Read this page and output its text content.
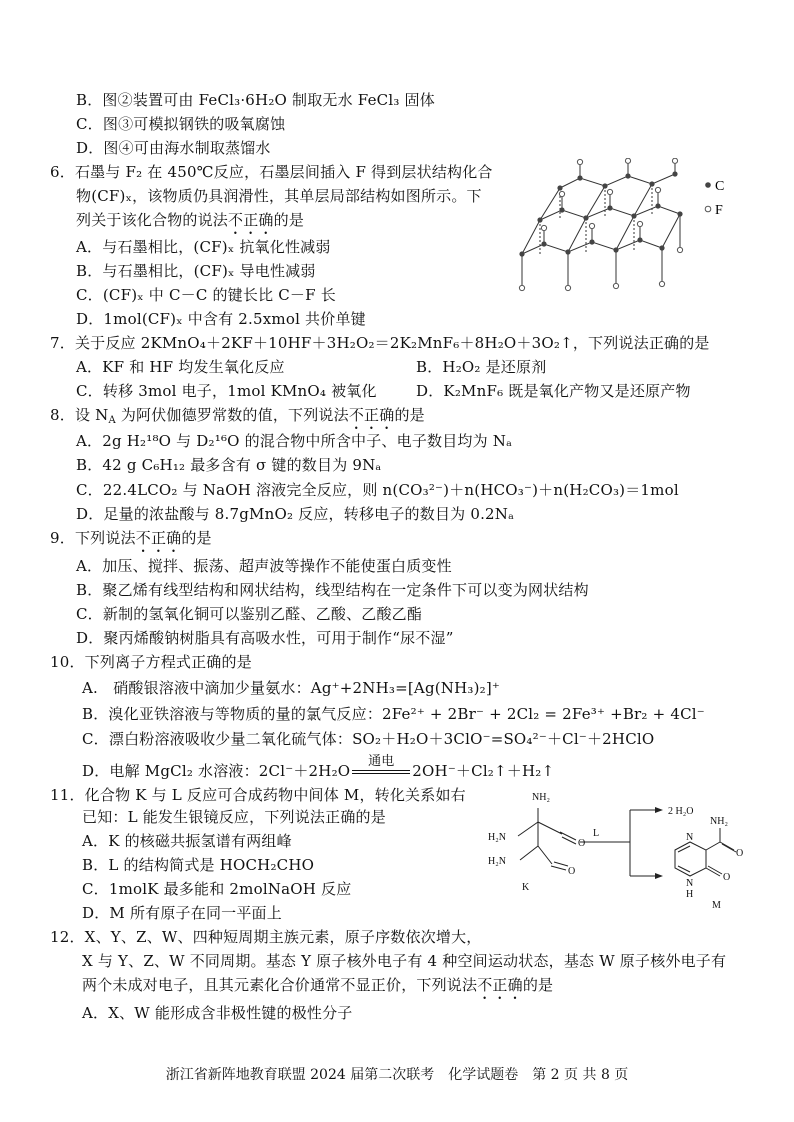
B．图②装置可由 FeCl₃·6H₂O 制取无水 FeCl₃ 固体
C．图③可模拟钢铁的吸氧腐蚀
D．图④可由海水制取蒸馏水
6．石墨与 F₂ 在 450℃反应，石墨层间插入 F 得到层状结构化合
物(CF)ₓ，该物质仍具润滑性，其单层局部结构如图所示。下
列关于该化合物的说法不正确的是
A．与石墨相比，(CF)ₓ 抗氧化性减弱
B．与石墨相比，(CF)ₓ 导电性减弱
C．(CF)ₓ 中 C－C 的键长比 C－F 长
D．1mol(CF)ₓ 中含有 2.5xmol 共价单键
C
F
7．关于反应 2KMnO₄＋2KF＋10HF＋3H₂O₂＝2K₂MnF₆＋8H₂O＋3O₂↑，下列说法正确的是
A．KF 和 HF 均发生氧化反应	B．H₂O₂ 是还原剂
C．转移 3mol 电子，1mol KMnO₄ 被氧化	D．K₂MnF₆ 既是氧化产物又是还原产物
8．设 $N_A$ 为阿伏伽德罗常数的值，下列说法不正确的是
A．2g H₂¹⁸O 与 D₂¹⁶O 的混合物中所含中子、电子数目均为 Nₐ
B．42 g C₆H₁₂ 最多含有 σ 键的数目为 9Nₐ
C．22.4LCO₂ 与 NaOH 溶液完全反应，则 n(CO₃²⁻)＋n(HCO₃⁻)＋n(H₂CO₃)＝1mol
D．足量的浓盐酸与 8.7gMnO₂ 反应，转移电子的数目为 0.2Nₐ
9．下列说法不正确的是
A．加压、搅拌、振荡、超声波等操作不能使蛋白质变性
B．聚乙烯有线型结构和网状结构，线型结构在一定条件下可以变为网状结构
C．新制的氢氧化铜可以鉴别乙醛、乙酸、乙酸乙酯
D．聚丙烯酸钠树脂具有高吸水性，可用于制作“尿不湿”
10．下列离子方程式正确的是
A.　硝酸银溶液中滴加少量氨水：Ag⁺+2NH₃=[Ag(NH₃)₂]⁺
B．溴化亚铁溶液与等物质的量的氯气反应：2Fe²⁺ + 2Br⁻ + 2Cl₂ = 2Fe³⁺ +Br₂ + 4Cl⁻
C．漂白粉溶液吸收少量二氧化硫气体：SO₂＋H₂O＋3ClO⁻=SO₄²⁻＋Cl⁻＋2HClO
D．电解 MgCl₂ 水溶液：2Cl⁻＋2H₂O
通电
2OH⁻＋Cl₂↑＋H₂↑
11．化合物 K 与 L 反应可合成药物中间体 M，转化关系如右
已知：L 能发生银镜反应，下列说法正确的是
A．K 的核磁共振氢谱有两组峰
B．L 的结构简式是 HOCH₂CHO
C．1molK 最多能和 2molNaOH 反应
D．M 所有原子在同一平面上
NH₂
H₂N
O
H₂N
O
K
L
2 H₂O
NH₂
N
O
N
H
O
M
12．X、Y、Z、W、四种短周期主族元素，原子序数依次增大，
X 与 Y、Z、W 不同周期。基态 Y 原子核外电子有 4 种空间运动状态，基态 W 原子核外电子有
两个未成对电子，且其元素化合价通常不显正价，下列说法不正确的是
A．X、W 能形成含非极性键的极性分子
浙江省新阵地教育联盟 2024 届第二次联考　化学试题卷　第 2 页 共 8 页
